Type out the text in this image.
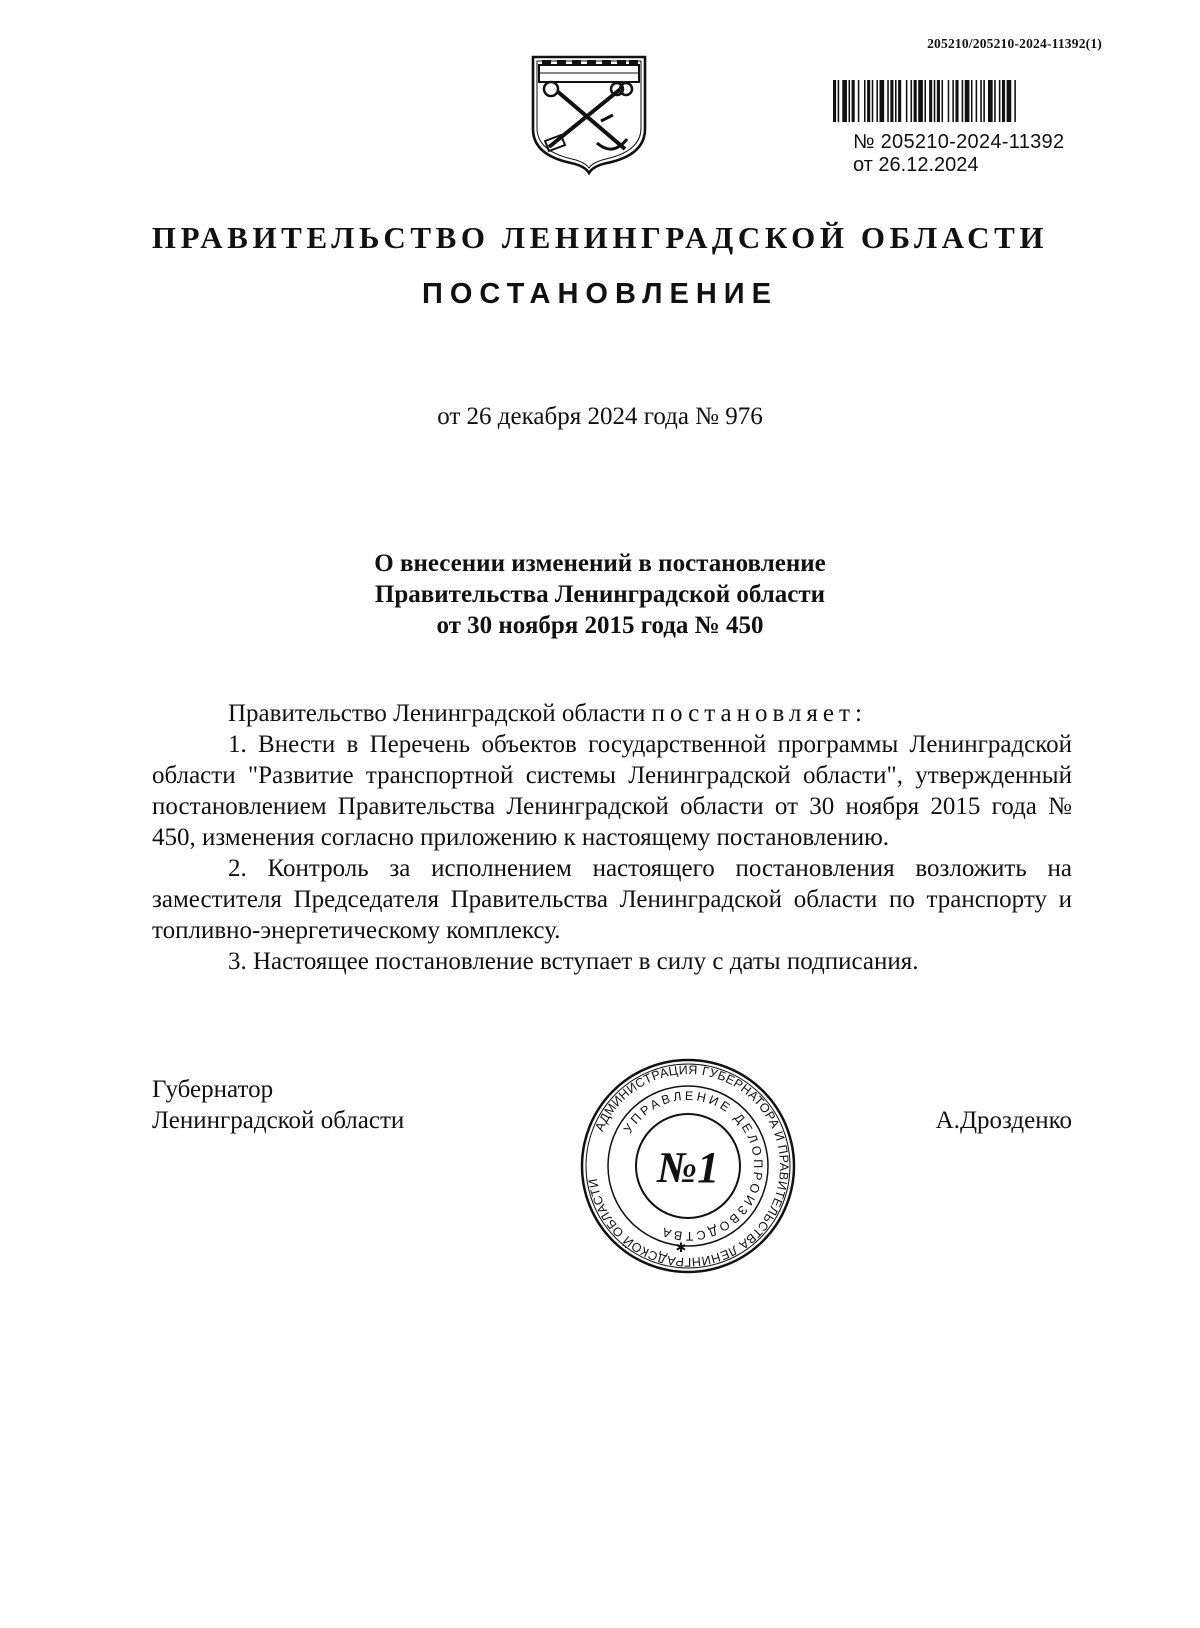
205210/205210-2024-11392(1)
№ 205210-2024-11392
от 26.12.2024
ПРАВИТЕЛЬСТВО ЛЕНИНГРАДСКОЙ ОБЛАСТИ
ПОСТАНОВЛЕНИЕ
от 26 декабря 2024 года № 976
О внесении изменений в постановление
Правительства Ленинградской области
от 30 ноября 2015 года № 450

Правительство Ленинградской области постановляет:

1. Внести в Перечень объектов государственной программы Ленинградской области "Развитие транспортной системы Ленинградской области", утвержденный постановлением Правительства Ленинградской области от 30 ноября 2015 года № 450, изменения согласно приложению к настоящему постановлению.

2. Контроль за исполнением настоящего постановления возложить на заместителя Председателя Правительства Ленинградской области по транспорту и топливно-энергетическому комплексу.

3. Настоящее постановление вступает в силу с даты подписания.

Губернатор
Ленинградской области	А.Дрозденко
АДМИНИСТРАЦИЯ ГУБЕРНАТОРА И ПРАВИТЕЛЬСТВА ЛЕНИНГРАДСКОЙ ОБЛАСТИ
УПРАВЛЕНИЕ ДЕЛОПРОИЗВОДСТВА
№1
✱
